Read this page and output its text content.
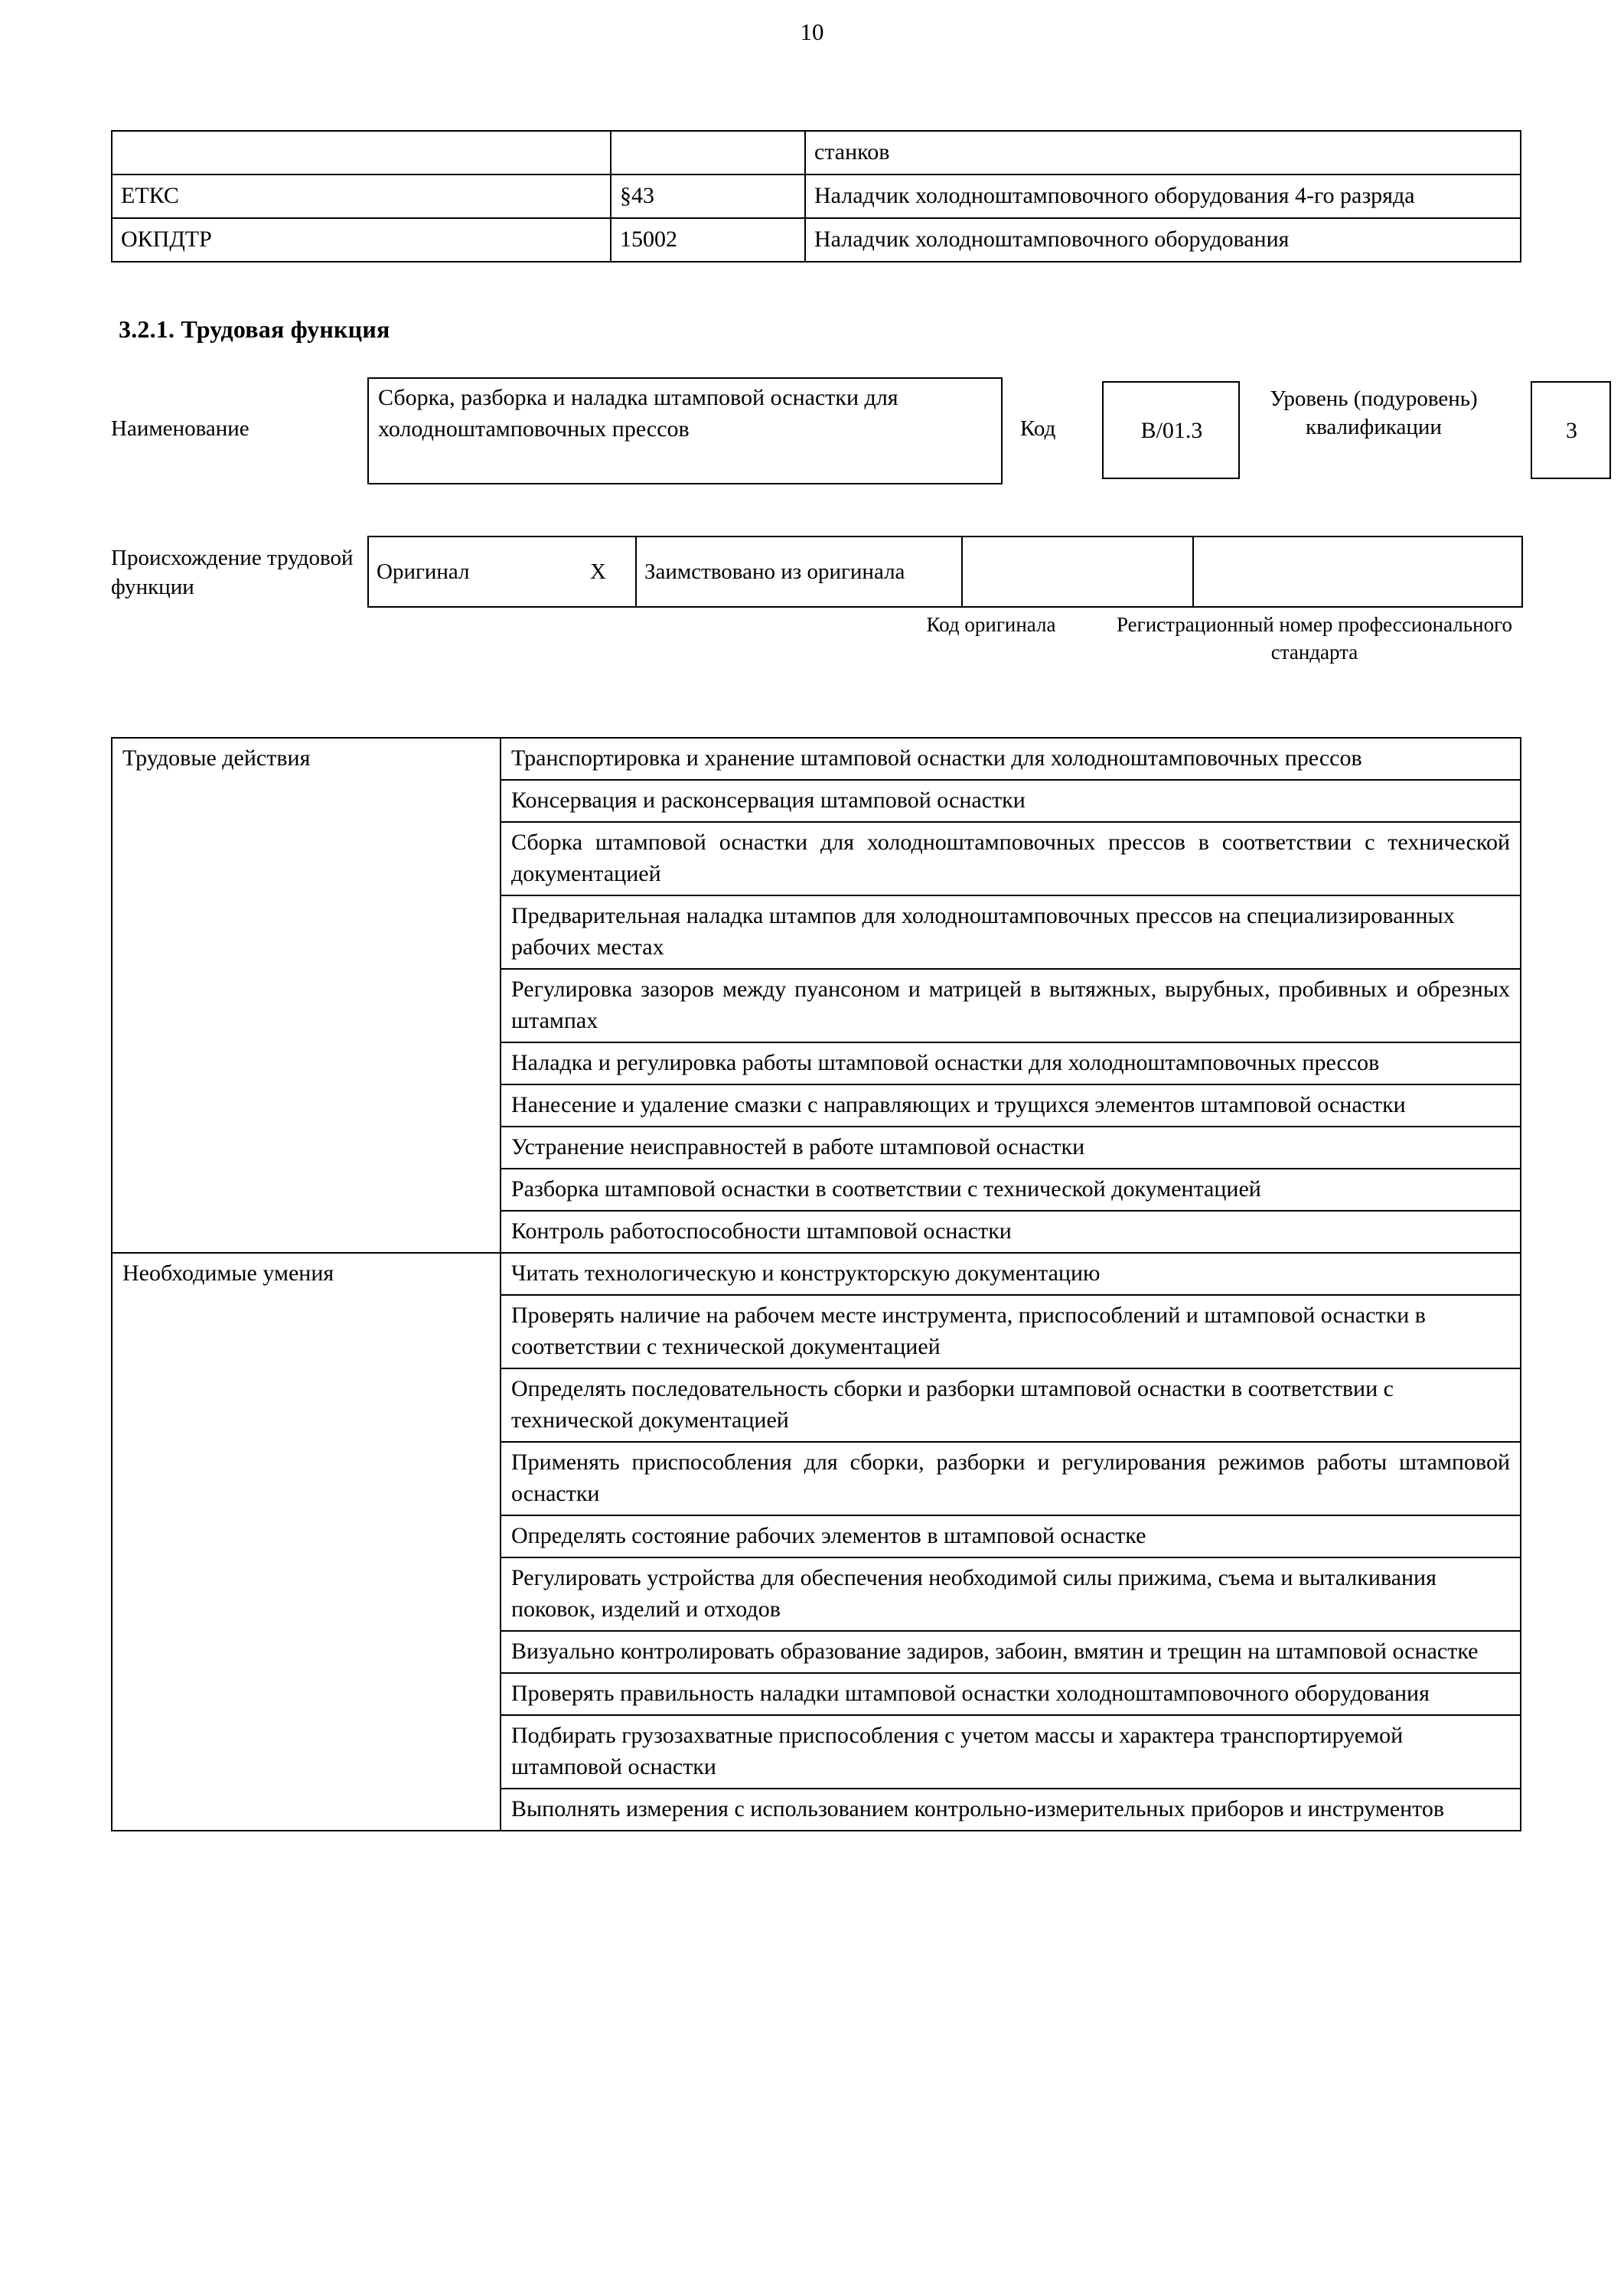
10
		станков
ЕТКС	§43	Наладчик холодноштамповочного оборудования 4-го разряда
ОКПДТР	15002	Наладчик холодноштамповочного оборудования
3.2.1. Трудовая функция
Наименование
Сборка, разборка и наладка штамповой оснастки для холодноштамповочных прессов	Код	B/01.3
Уровень (подуровень) квалификации	3
Происхождение трудовой функции
Оригинал	X	Заимствовано из оригинала		
Код оригинала	Регистрационный номер профессионального стандарта
Трудовые действия	Транспортировка и хранение штамповой оснастки для холодноштамповочных прессов
	Консервация и расконсервация штамповой оснастки
	Сборка штамповой оснастки для холодноштамповочных прессов в соответствии с технической документацией
	Предварительная наладка штампов для холодноштамповочных прессов на специализированных рабочих местах
	Регулировка зазоров между пуансоном и матрицей в вытяжных, вырубных, пробивных и обрезных штампах
	Наладка и регулировка работы штамповой оснастки для холодноштамповочных прессов
	Нанесение и удаление смазки с направляющих и трущихся элементов штамповой оснастки
	Устранение неисправностей в работе штамповой оснастки
	Разборка штамповой оснастки в соответствии с технической документацией
	Контроль работоспособности штамповой оснастки
Необходимые умения	Читать технологическую и конструкторскую документацию
	Проверять наличие на рабочем месте инструмента, приспособлений и штамповой оснастки в соответствии с технической документацией
	Определять последовательность сборки и разборки штамповой оснастки в соответствии с технической документацией
	Применять приспособления для сборки, разборки и регулирования режимов работы штамповой оснастки
	Определять состояние рабочих элементов в штамповой оснастке
	Регулировать устройства для обеспечения необходимой силы прижима, съема и выталкивания поковок, изделий и отходов
	Визуально контролировать образование задиров, забоин, вмятин и трещин на штамповой оснастке
	Проверять правильность наладки штамповой оснастки холодноштамповочного оборудования
	Подбирать грузозахватные приспособления с учетом массы и характера транспортируемой штамповой оснастки
	Выполнять измерения с использованием контрольно-измерительных приборов и инструментов
